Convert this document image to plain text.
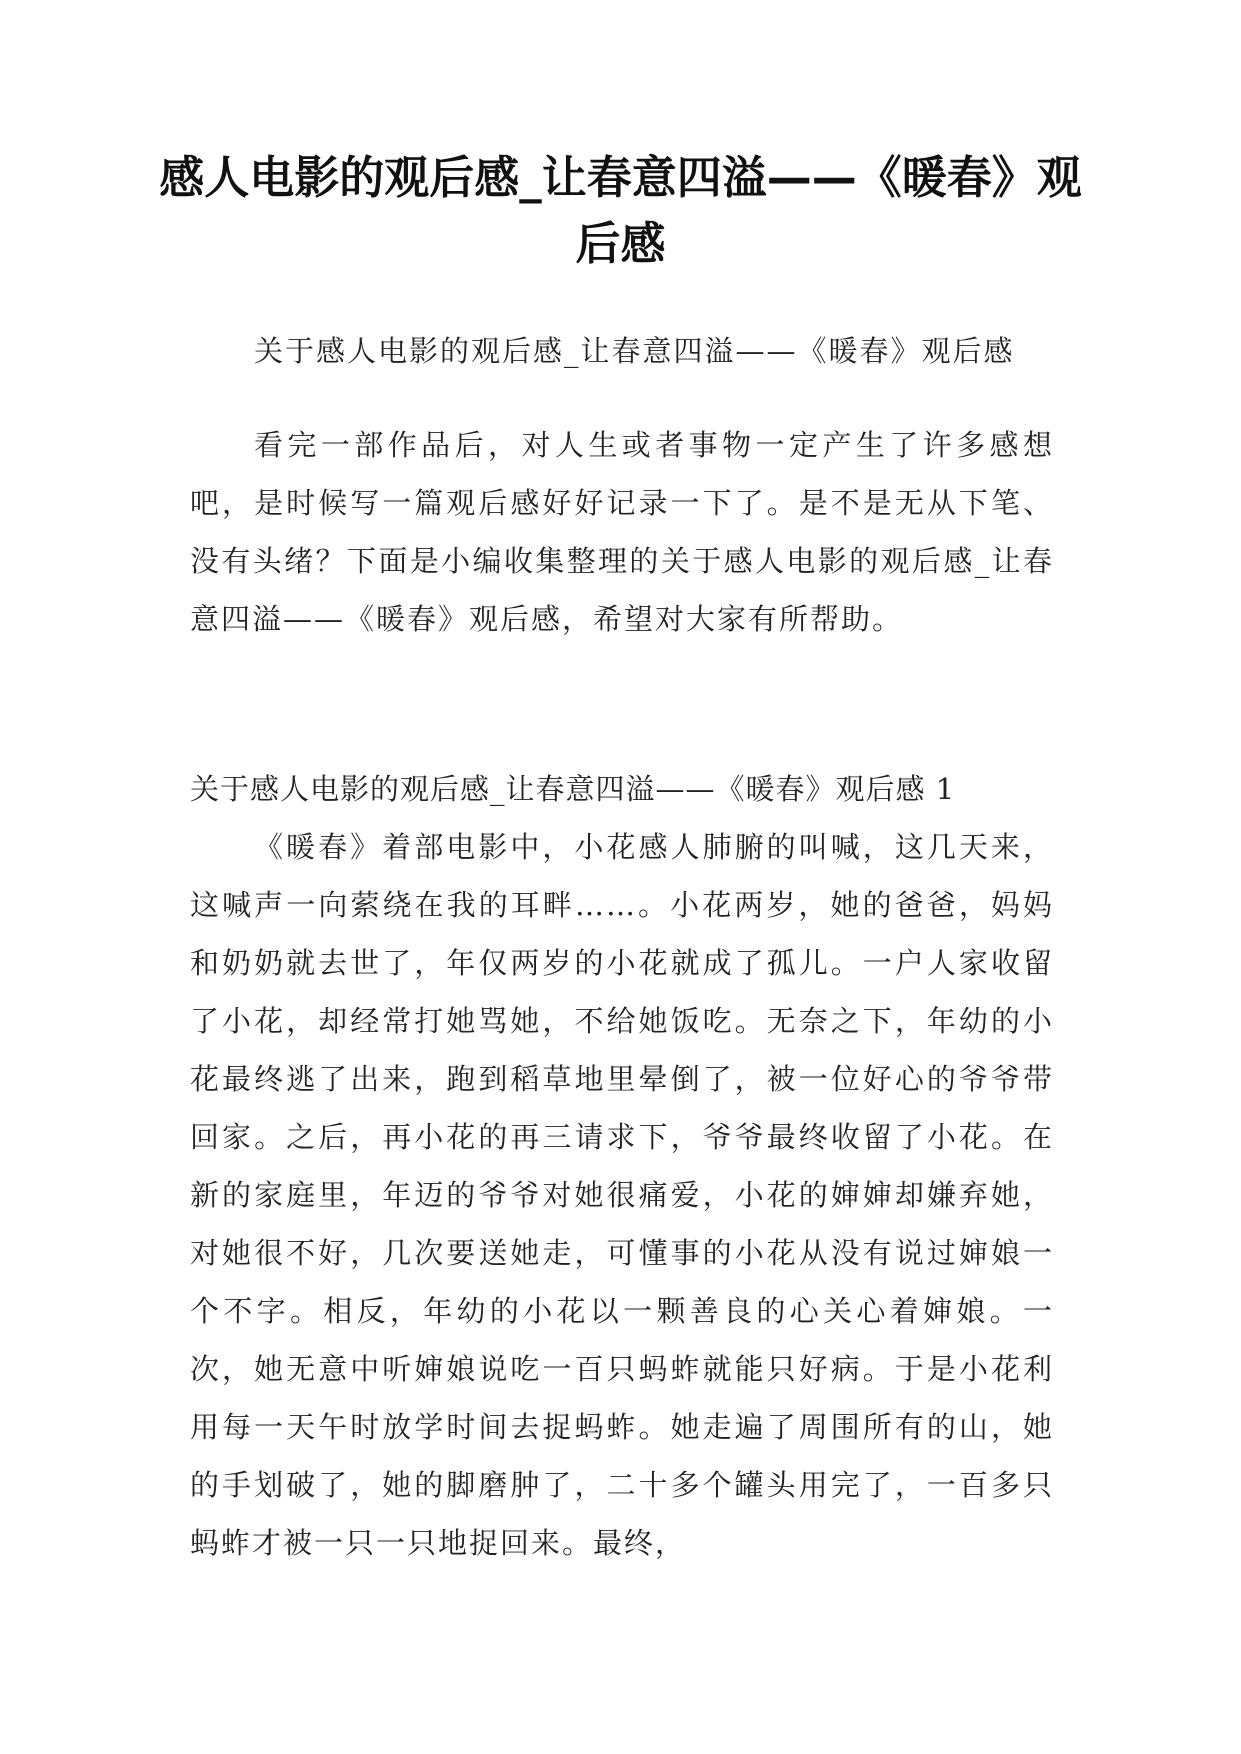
感人电影的观后感_让春意四溢——《暖春》观后感

关于感人电影的观后感_让春意四溢——《暖春》观后感

看完一部作品后，对人生或者事物一定产生了许多感想吧，是时候写一篇观后感好好记录一下了。是不是无从下笔、没有头绪？下面是小编收集整理的关于感人电影的观后感_让春意四溢——《暖春》观后感，希望对大家有所帮助。

关于感人电影的观后感_让春意四溢——《暖春》观后感 1

《暖春》着部电影中，小花感人肺腑的叫喊，这几天来，这喊声一向萦绕在我的耳畔……。小花两岁，她的爸爸，妈妈和奶奶就去世了，年仅两岁的小花就成了孤儿。一户人家收留了小花，却经常打她骂她，不给她饭吃。无奈之下，年幼的小花最终逃了出来，跑到稻草地里晕倒了，被一位好心的爷爷带回家。之后，再小花的再三请求下，爷爷最终收留了小花。在新的家庭里，年迈的爷爷对她很痛爱，小花的婶婶却嫌弃她，对她很不好，几次要送她走，可懂事的小花从没有说过婶娘一个不字。相反，年幼的小花以一颗善良的心关心着婶娘。一次，她无意中听婶娘说吃一百只蚂蚱就能只好病。于是小花利用每一天午时放学时间去捉蚂蚱。她走遍了周围所有的山，她的手划破了，她的脚磨肿了，二十多个罐头用完了，一百多只蚂蚱才被一只一只地捉回来。最终，
